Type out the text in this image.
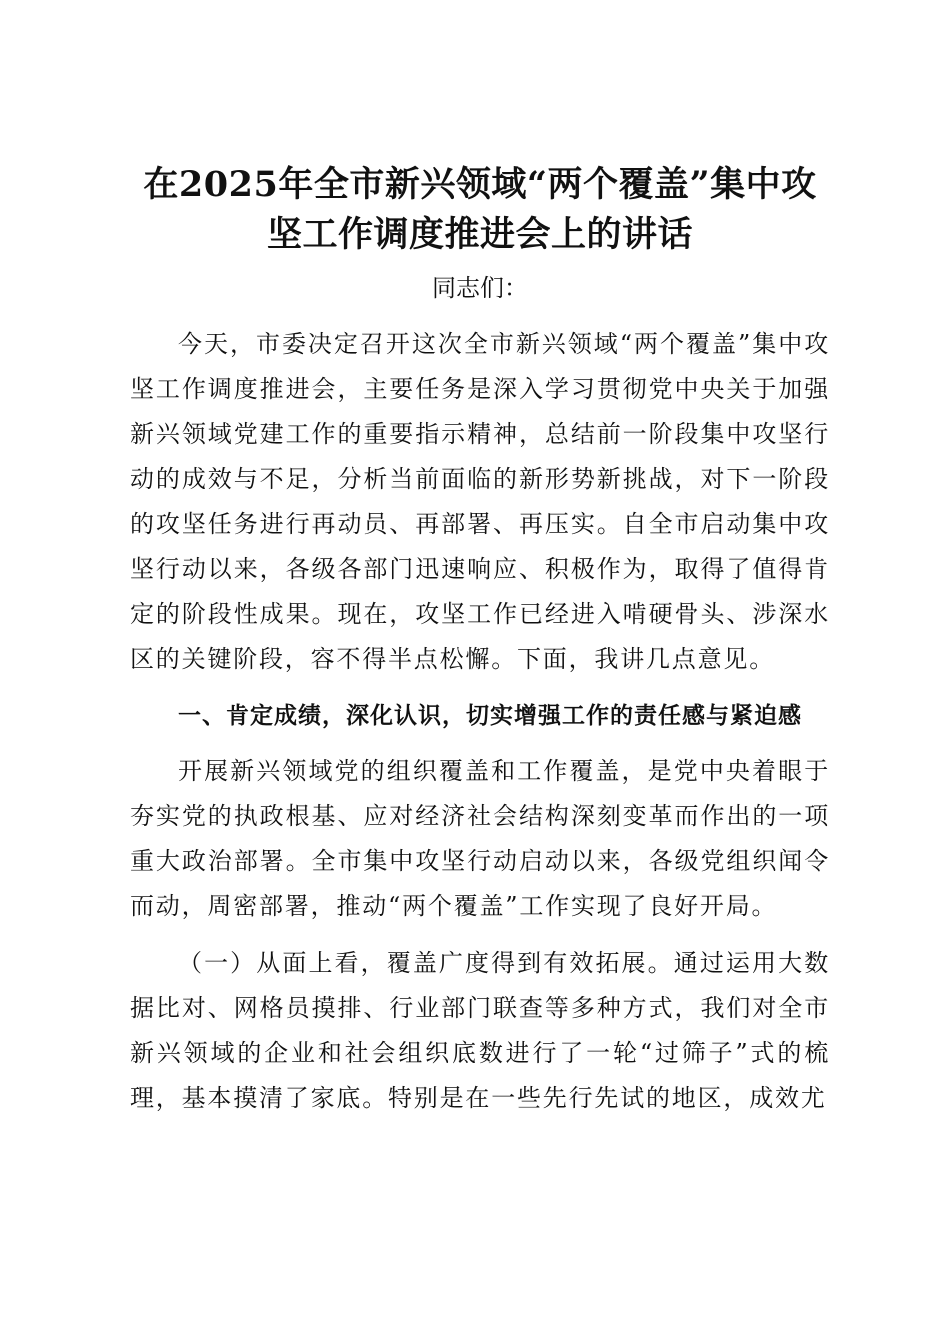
在2025年全市新兴领域“两个覆盖”集中攻坚工作调度推进会上的讲话

同志们：

今天，市委决定召开这次全市新兴领域“两个覆盖”集中攻坚工作调度推进会，主要任务是深入学习贯彻党中央关于加强新兴领域党建工作的重要指示精神，总结前一阶段集中攻坚行动的成效与不足，分析当前面临的新形势新挑战，对下一阶段的攻坚任务进行再动员、再部署、再压实。自全市启动集中攻坚行动以来，各级各部门迅速响应、积极作为，取得了值得肯定的阶段性成果。现在，攻坚工作已经进入啃硬骨头、涉深水区的关键阶段，容不得半点松懈。下面，我讲几点意见。

一、肯定成绩，深化认识，切实增强工作的责任感与紧迫感

开展新兴领域党的组织覆盖和工作覆盖，是党中央着眼于夯实党的执政根基、应对经济社会结构深刻变革而作出的一项重大政治部署。全市集中攻坚行动启动以来，各级党组织闻令而动，周密部署，推动“两个覆盖”工作实现了良好开局。

（一）从面上看，覆盖广度得到有效拓展。通过运用大数据比对、网格员摸排、行业部门联查等多种方式，我们对全市新兴领域的企业和社会组织底数进行了一轮“过筛子”式的梳理，基本摸清了家底。特别是在一些先行先试的地区，成效尤
